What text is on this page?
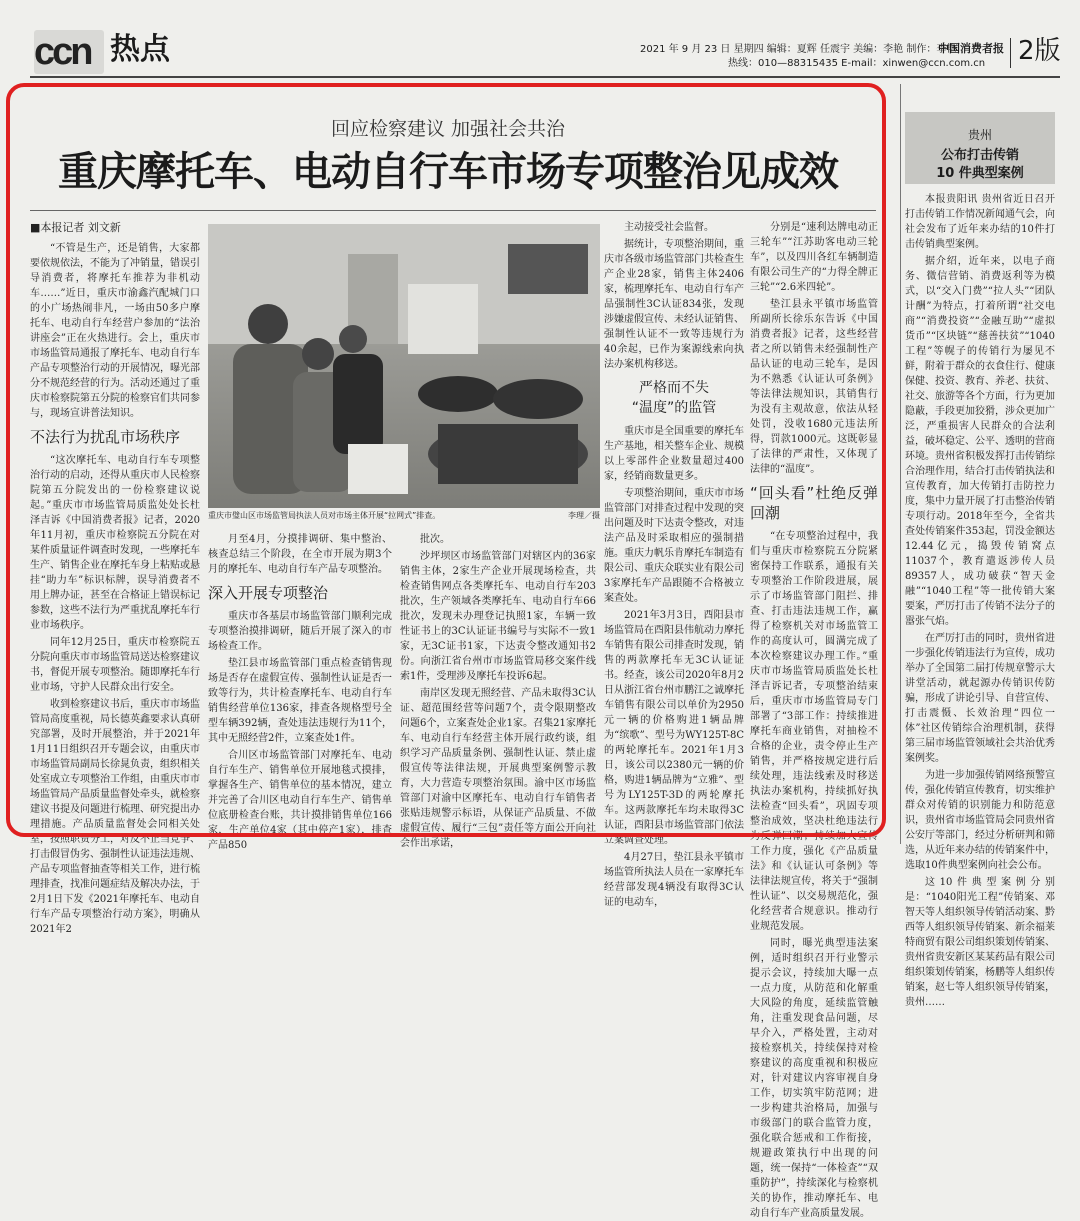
ccn 热点	2021 年 9 月 23 日 星期四 编辑：夏辉 任震宇 美编：李艳 制作：李艳
热线：010—88315435 E-mail：xinwen@ccn.com.cn
中国消费者报 2版
回应检察建议 加强社会共治
重庆摩托车、电动自行车市场专项整治见成效
■本报记者 刘文新

“不管是生产，还是销售，大家都要依规依法，不能为了冲销量，错误引导消费者，将摩托车推荐为非机动车……”近日，重庆市渝鑫汽配城门口的小广场热闹非凡，一场由50多户摩托车、电动自行车经营户参加的“法治讲座会”正在火热进行。会上，重庆市市场监管局通报了摩托车、电动自行车产品专项整治行动的开展情况，曝光部分不规范经营的行为。活动还通过了重庆市检察院第五分院的检察官们共同参与，现场宣讲普法知识。

不法行为扰乱市场秩序

“这次摩托车、电动自行车专项整治行动的启动，还得从重庆市人民检察院第五分院发出的一份检察建议说起。”重庆市市场监管局质监处处长杜泽吉诉《中国消费者报》记者，2020年11月初，重庆市检察院五分院在对某件质量证件调查时发现，一些摩托车生产、销售企业在摩托车身上粘贴或悬挂“助力车”标识标牌，误导消费者不用上牌办证，甚至在合格证上错误标记参数，这些不法行为严重扰乱摩托车行业市场秩序。

同年12月25日，重庆市检察院五分院向重庆市市场监管局送达检察建议书，督促开展专项整治。随即摩托车行业市场，守护人民群众出行安全。

收到检察建议书后，重庆市市场监管局高度重视，局长德英鑫要求认真研究部署，及时开展整治，并于2021年1月11日组织召开专题会议，由重庆市市场监管局副局长徐晁负责，组织相关处室成立专项整治工作组，由重庆市市场监管局产品质量监督处牵头，就检察建议书提及问题进行梳理、研究提出办理措施。产品质量监督处会同相关处室，按照职责分工，对反不正当竞争、打击假冒伪劣、强制性认证违法违规、产品专项监督抽查等相关工作，进行梳理排查，找准问题症结及解决办法，于2月1日下发《2021年摩托车、电动自行车产品专项整治行动方案》，明确从2021年2

重庆市璧山区市场监管局执法人员对市场主体开展“拉网式”排查。	李理／摄

月至4月，分摸排调研、集中整治、核查总结三个阶段，在全市开展为期3个月的摩托车、电动自行车产品专项整治。

深入开展专项整治

重庆市各基层市场监管部门顺利完成专项整治摸排调研，随后开展了深入的市场检查工作。

垫江县市场监管部门重点检查销售现场是否存在虚假宣传、强制性认证是否一致等行为，共计检查摩托车、电动自行车销售经营单位136家，排查各规格型号全型车辆392辆，查处违法违规行为11个，其中无照经营2件，立案查处1件。

合川区市场监管部门对摩托车、电动自行车生产、销售单位开展地毯式摸排，掌握各生产、销售单位的基本情况，建立并完善了合川区电动自行车生产、销售单位底册检查台账，共计摸排销售单位166家，生产单位4家（其中停产1家），排查产品850

批次。

沙坪坝区市场监管部门对辖区内的36家销售主体，2家生产企业开展现场检查，共检查销售网点各类摩托车、电动自行车203批次，生产领域各类摩托车、电动自行车66批次，发现未办理登记执照1家，车辆一致性证书上的3C认证证书编号与实际不一致1家，无3C证书1家，下达责令整改通知书2份。向浙江省台州市市场监管局移交案件线索1件，受理涉及摩托车投诉6起。

南岸区发现无照经营、产品未取得3C认证、超范围经营等问题7个，责令限期整改问题6个，立案查处企业1家。召集21家摩托车、电动自行车经营主体开展行政约谈，组织学习产品质量条例、强制性认证、禁止虚假宣传等法律法规，开展典型案例警示教育，大力营造专项整治氛围。渝中区市场监管部门对渝中区摩托车、电动自行车销售者张贴违规警示标语，从保证产品质量、不做虚假宣传、履行“三包”责任等方面公开向社会作出承诺，

主动接受社会监督。

据统计，专项整治期间，重庆市各级市场监管部门共检查生产企业28家，销售主体2406家，梳理摩托车、电动自行车产品强制性3C认证834张，发现涉嫌虚假宣传、未经认证销售、强制性认证不一致等违规行为40余起，已作为案源线索向执法办案机构移送。

严格而不失
“温度”的监管

重庆市是全国重要的摩托车生产基地，相关整车企业、规模以上零部件企业数量超过400家，经销商数量更多。

专项整治期间，重庆市市场监管部门对排查过程中发现的突出问题及时下达责令整改，对违法产品及时采取相应的强制措施。重庆力帆乐肯摩托车制造有限公司、重庆众联实业有限公司3家摩托车产品跟随不合格被立案查处。

2021年3月3日，酉阳县市场监管局在酉阳县伟航动力摩托车销售有限公司排查时发现，销售的两款摩托车无3C认证证书。经查，该公司2020年8月2日从浙江省台州市鹏江之诚摩托车销售有限公司以单价为2950元一辆的价格购进1辆品牌为“缤歌”、型号为WY125T-8C的两轮摩托车。2021年1月3日，该公司以2380元一辆的价格，购进1辆品牌为“立雅”、型号为LY125T-3D的两轮摩托车。这两款摩托车均未取得3C认证，酉阳县市场监管部门依法立案调查处理。

4月27日，垫江县永平镇市场监管所执法人员在一家摩托车经营部发现4辆没有取得3C认证的电动车，

分别是“速利达牌电动正三轮车”“江苏助客电动三轮车”，以及四川各红车辆制造有限公司生产的“力得全牌正三轮”“2.6米四轮”。

垫江县永平镇市场监管所副所长徐乐东告诉《中国消费者报》记者，这些经营者之所以销售未经强制性产品认证的电动三轮车，是因为不熟悉《认证认可条例》等法律法规知识，其销售行为没有主观故意，依法从轻处罚，没收1680元违法所得，罚款1000元。这既彰显了法律的严肃性，又体现了法律的“温度”。

“回头看”杜绝反弹回潮

“在专项整治过程中，我们与重庆市检察院五分院紧密保持工作联系，通报有关专项整治工作阶段进展，展示了市场监管部门阻拦、排查、打击违法违规工作，赢得了检察机关对市场监管工作的高度认可，圆满完成了本次检察建议办理工作。”重庆市市场监管局质监处长杜泽吉诉记者，专项整治结束后，重庆市市场监管局专门部署了“3部工作：持续推进摩托车商业销售，对抽检不合格的企业，责令停止生产销售，并严格按规定进行后续处理，违法线索及时移送执法办案机构，持续抓好执法检查“回头看”，巩固专项整治成效，坚决杜绝违法行为反弹回潮；持续加大宣传工作力度，强化《产品质量法》和《认证认可条例》等法律法规宣传，将关于“强制性认证”、以交易规范化，强化经营者合规意识。推动行业规范发展。

同时，曝光典型违法案例，适时组织召开行业警示提示会议，持续加大曝一点一点力度，从防范和化解重大风险的角度，延续监管触角，注重发现食品问题，尽早介入，严格处置，主动对接检察机关，持续保持对检察建议的高度重视和积极应对，针对建议内容审视自身工作，切实筑牢防范网；进一步构建共治格局，加强与市级部门的联合监管力度，强化联合惩戒和工作衔接，规避政策执行中出现的问题，统一保持“一体检查”“双重防护”，持续深化与检察机关的协作，推动摩托车、电动自行车产业高质量发展。

贵州
公布打击传销
10 件典型案例

本报贵阳讯 贵州省近日召开打击传销工作情况新闻通气会，向社会发布了近年来办结的10件打击传销典型案例。

据介绍，近年来，以电子商务、微信营销、消费返利等为模式，以“交入门费”“拉人头”“团队计酬”为特点，打着所谓“社交电商”“消费投资”“金融互助”“虚拟货币”“区块链”“慈善扶贫”“1040工程”等幌子的传销行为屡见不鲜，附着于群众的衣食住行、健康保健、投资、教育、养老、扶贫、社交、旅游等各个方面，行为更加隐蔽，手段更加狡猾，涉众更加广泛，严重损害人民群众的合法利益，破坏稳定、公平、透明的营商环境。贵州省积极发挥打击传销综合治理作用，结合打击传销执法和宣传教育，加大传销打击防控力度，集中力量开展了打击整治传销专项行动。2018年至今，全省共查处传销案件353起，罚没金额达12.44亿元，捣毁传销窝点11037个，教育遣返涉传人员89357人，成功破获“智天金融”“1040工程”等一批传销大案要案，严厉打击了传销不法分子的嚣张气焰。

在严厉打击的同时，贵州省进一步强化传销违法行为宣传，成功举办了全国第二届打传规章警示大讲堂活动，就起源办传销识传防骗，形成了讲论引导、自营宣传、打击震慑、长效治理“四位一体”社区传销综合治理机制，获得第三届市场监管领域社会共治优秀案例奖。

为进一步加强传销网络预警宣传，强化传销宣传教育，切实维护群众对传销的识别能力和防范意识，贵州省市场监管局会同贵州省公安厅等部门，经过分析研判和筛选，从近年来办结的传销案件中，选取10件典型案例向社会公布。

这10件典型案例分别是：“1040阳光工程”传销案、邓智天等人组织领导传销活动案、黔西等人组织领导传销案、新余福莱特商贸有限公司组织策划传销案、贵州省贵安新区某某药品有限公司组织策划传销案，杨鹏等人组织传销案，赵七等人组织领导传销案，贵州……
